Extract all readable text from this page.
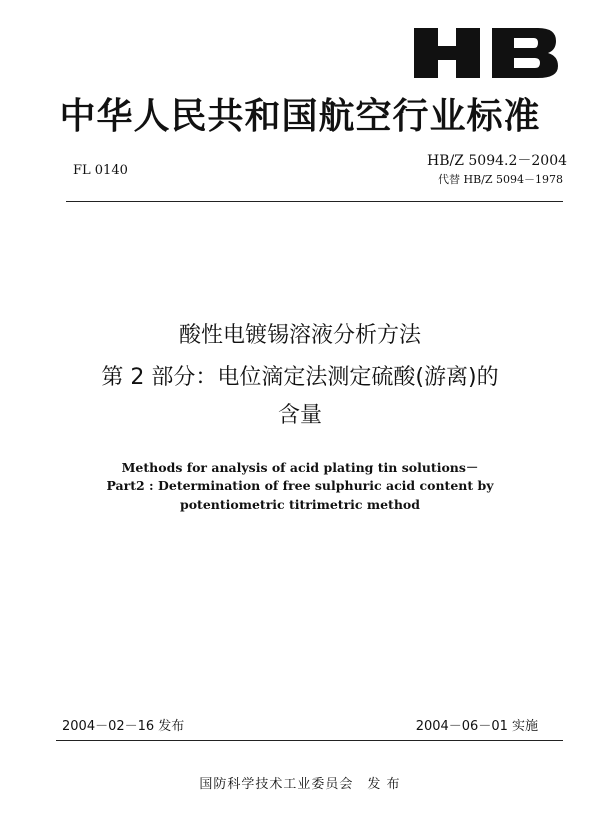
中华人民共和国航空行业标准
FL 0140
HB/Z 5094.2－2004
代替 HB/Z 5094－1978
酸性电镀锡溶液分析方法
第 2 部分：电位滴定法测定硫酸(游离)的
含量
Methods for analysis of acid plating tin solutions－
Part2 : Determination of free sulphuric acid content by
potentiometric titrimetric method
2004－02－16 发布	2004－06－01 实施
国防科学技术工业委员会　发 布
